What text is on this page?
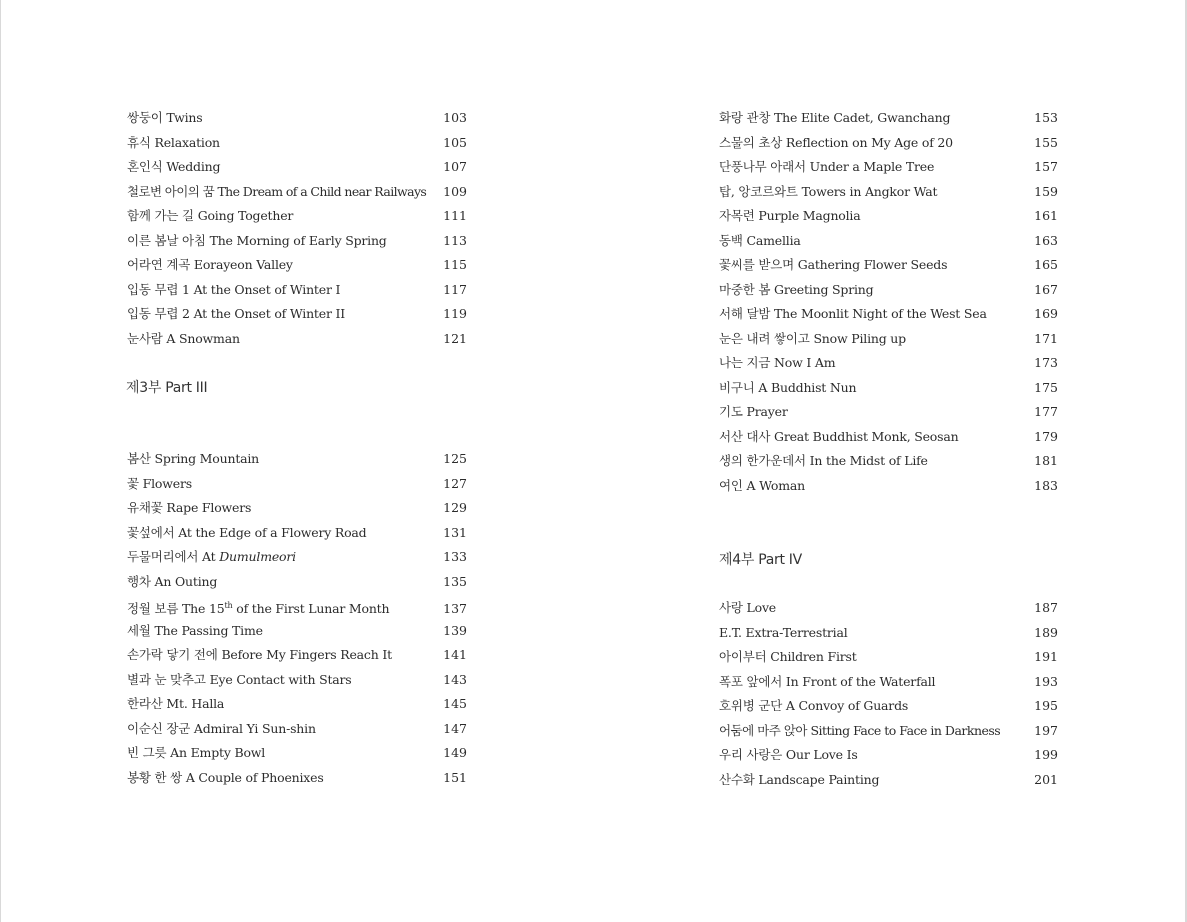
쌍둥이 Twins	103
휴식 Relaxation	105
혼인식 Wedding	107
철로변 아이의 꿈 The Dream of a Child near Railways 109
함께 가는 길 Going Together	111
이른 봄날 아침 The Morning of Early Spring	113
어라연 계곡 Eorayeon Valley	115
입동 무렵 1 At the Onset of Winter I	117
입동 무렵 2 At the Onset of Winter II	119
눈사람 A Snowman	121
제3부 Part III
봄산 Spring Mountain	125
꽃 Flowers	127
유채꽃 Rape Flowers	129
꽃섶에서 At the Edge of a Flowery Road	131
두물머리에서 At Dumulmeori	133
행차 An Outing	135
정월 보름 The 15th of the First Lunar Month	137
세월 The Passing Time	139
손가락 닿기 전에 Before My Fingers Reach It	141
별과 눈 맞추고 Eye Contact with Stars	143
한라산 Mt. Halla	145
이순신 장군 Admiral Yi Sun-shin	147
빈 그릇 An Empty Bowl	149
봉황 한 쌍 A Couple of Phoenixes	151
화랑 관창 The Elite Cadet, Gwanchang	153
스물의 초상 Reflection on My Age of 20	155
단풍나무 아래서 Under a Maple Tree	157
탑, 앙코르와트 Towers in Angkor Wat	159
자목련 Purple Magnolia	161
동백 Camellia	163
꽃씨를 받으며 Gathering Flower Seeds	165
마중한 봄 Greeting Spring	167
서해 달밤 The Moonlit Night of the West Sea	169
눈은 내려 쌓이고 Snow Piling up	171
나는 지금 Now I Am	173
비구니 A Buddhist Nun	175
기도 Prayer	177
서산 대사 Great Buddhist Monk, Seosan	179
생의 한가운데서 In the Midst of Life	181
여인 A Woman	183
제4부 Part IV
사랑 Love	187
E.T. Extra-Terrestrial	189
아이부터 Children First	191
폭포 앞에서 In Front of the Waterfall	193
호위병 군단 A Convoy of Guards	195
어둠에 마주 앉아 Sitting Face to Face in Darkness	197
우리 사랑은 Our Love Is	199
산수화 Landscape Painting	201
